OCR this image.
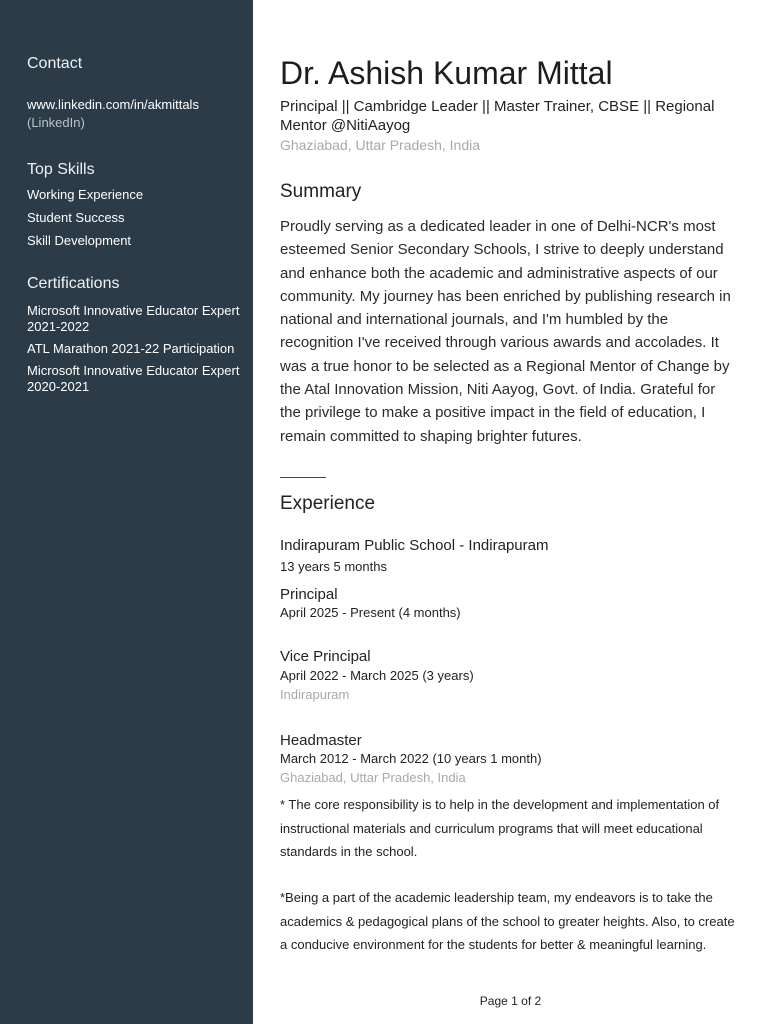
Contact
www.linkedin.com/in/akmittals
(LinkedIn)
Top Skills
Working Experience
Student Success
Skill Development
Certifications
Microsoft Innovative Educator Expert
2021-2022
ATL Marathon 2021-22 Participation
Microsoft Innovative Educator Expert
2020-2021
Dr. Ashish Kumar Mittal
Principal || Cambridge Leader || Master Trainer, CBSE || Regional Mentor @NitiAayog
Ghaziabad, Uttar Pradesh, India
Summary
Proudly serving as a dedicated leader in one of Delhi-NCR's most esteemed Senior Secondary Schools, I strive to deeply understand and enhance both the academic and administrative aspects of our community. My journey has been enriched by publishing research in national and international journals, and I'm humbled by the recognition I've received through various awards and accolades. It was a true honor to be selected as a Regional Mentor of Change by the Atal Innovation Mission, Niti Aayog, Govt. of India. Grateful for the privilege to make a positive impact in the field of education, I remain committed to shaping brighter futures.
Experience
Indirapuram Public School - Indirapuram
13 years 5 months
Principal
April 2025 - Present (4 months)
Vice Principal
April 2022 - March 2025 (3 years)
Indirapuram
Headmaster
March 2012 - March 2022 (10 years 1 month)
Ghaziabad, Uttar Pradesh, India
* The core responsibility is to help in the development and implementation of instructional materials and curriculum programs that will meet educational standards in the school.
*Being a part of the academic leadership team, my endeavors is to take the academics & pedagogical plans of the school to greater heights. Also, to create a conducive environment for the students for better & meaningful learning.
Page 1 of 2
